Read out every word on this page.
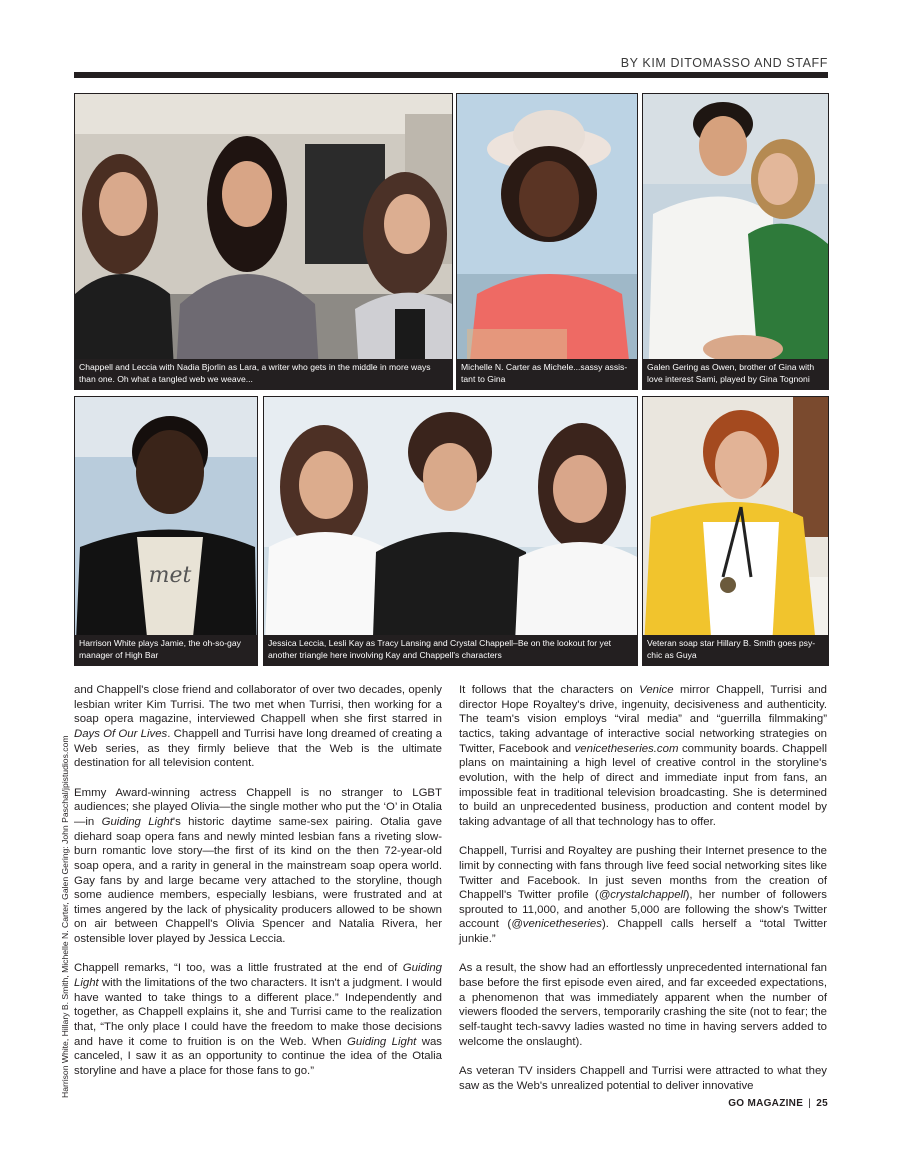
BY KIM DITOMASSO AND STAFF
Chappell and Leccia with Nadia Bjorlin as Lara, a writer who gets in the middle in more ways than one. Oh what a tangled web we weave...
Michelle N. Carter as Michele...sassy assis- tant to Gina
Galen Gering as Owen, brother of Gina with love interest Sami, played by Gina Tognoni
met
Harrison White plays Jamie, the oh-so-gay manager of High Bar
Jessica Leccia, Lesli Kay as Tracy Lansing and Crystal Chappell–Be on the lookout for yet another triangle here involving Kay and Chappell's characters
Veteran soap star Hillary B. Smith goes psy- chic as Guya

and Chappell's close friend and collaborator of over two decades, openly lesbian writer Kim Turrisi. The two met when Turrisi, then working for a soap opera magazine, interviewed Chappell when she first starred in Days Of Our Lives. Chappell and Turrisi have long dreamed of creating a Web series, as they firmly believe that the Web is the ultimate destination for all television content.

Emmy Award-winning actress Chappell is no stranger to LGBT audiences; she played Olivia—the single mother who put the ‘O’ in Otalia—in Guiding Light's historic daytime same-sex pairing. Otalia gave diehard soap opera fans and newly minted lesbian fans a riveting slow-burn romantic love story—the first of its kind on the then 72-year-old soap opera, and a rarity in general in the mainstream soap opera world. Gay fans by and large became very attached to the storyline, though some audience members, especially lesbians, were frustrated and at times angered by the lack of physicality producers allowed to be shown on air between Chappell's Olivia Spencer and Natalia Rivera, her ostensible lover played by Jessica Leccia.

Chappell remarks, “I too, was a little frustrated at the end of Guiding Light with the limitations of the two characters. It isn't a judgment. I would have wanted to take things to a different place.” Independently and together, as Chappell explains it, she and Turrisi came to the realization that, “The only place I could have the freedom to make those decisions and have it come to fruition is on the Web. When Guiding Light was canceled, I saw it as an opportunity to continue the idea of the Otalia storyline and have a place for those fans to go.”

It follows that the characters on Venice mirror Chappell, Turrisi and director Hope Royaltey's drive, ingenuity, decisiveness and authenticity. The team's vision employs “viral media” and “guerrilla filmmaking” tactics, taking advantage of interactive social networking strategies on Twitter, Facebook and venicetheseries.com community boards. Chappell plans on maintaining a high level of creative control in the storyline's evolution, with the help of direct and immediate input from fans, an impossible feat in traditional television broadcasting. She is determined to build an unprecedented business, production and content model by taking advantage of all that technology has to offer.

Chappell, Turrisi and Royaltey are pushing their Internet presence to the limit by connecting with fans through live feed social networking sites like Twitter and Facebook. In just seven months from the creation of Chappell's Twitter profile (@crystalchappell), her number of followers sprouted to 11,000, and another 5,000 are following the show's Twitter account (@venicetheseries). Chappell calls herself a “total Twitter junkie.”

As a result, the show had an effortlessly unprecedented international fan base before the first episode even aired, and far exceeded expectations, a phenomenon that was immediately apparent when the number of viewers flooded the servers, temporarily crashing the site (not to fear; the self-taught tech-savvy ladies wasted no time in having servers added to welcome the onslaught).

As veteran TV insiders Chappell and Turrisi were attracted to what they saw as the Web's unrealized potential to deliver innovative

Harrison White, Hillary B. Smith, Michelle N. Carter, Galen Gering: John Paschal/jpistudios.com
GO MAGAZINE | 25
